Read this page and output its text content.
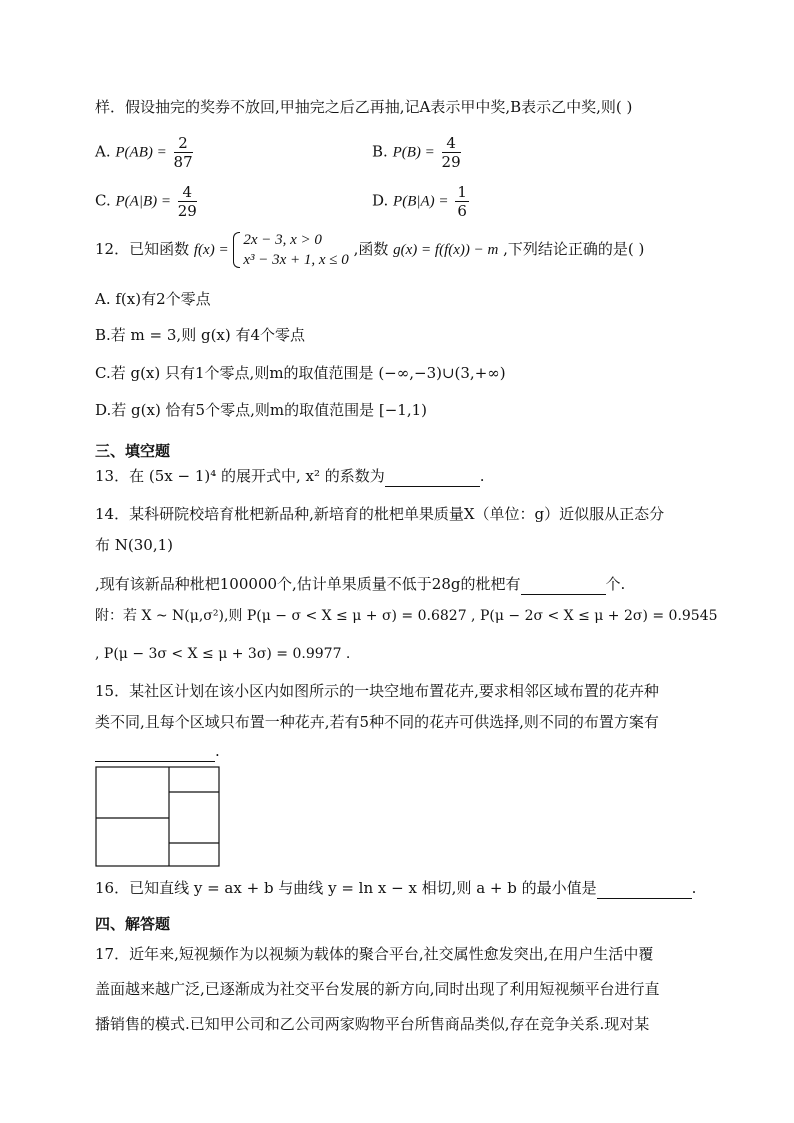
样．假设抽完的奖券不放回,甲抽完之后乙再抽,记A表示甲中奖,B表示乙中奖,则( )
A. $P(AB) = \frac{2}{87}$	B. $P(B) = \frac{4}{29}$
C. $P(A|B) = \frac{4}{29}$	D. $P(B|A) = \frac{1}{6}$
12．已知函数 f(x) =
2x − 3, x > 0
x³ − 3x + 1, x ≤ 0
,函数 g(x) = f(f(x)) − m ,下列结论正确的是( )
A. f(x)有2个零点
B.若 m = 3,则 g(x) 有4个零点
C.若 g(x) 只有1个零点,则m的取值范围是 (−∞,−3)∪(3,+∞)
D.若 g(x) 恰有5个零点,则m的取值范围是 [−1,1)
三、填空题
13．在 (5x − 1)⁴ 的展开式中, x² 的系数为	.
14．某科研院校培育枇杷新品种,新培育的枇杷单果质量X（单位：g）近似服从正态分
布 N(30,1)
,现有该新品种枇杷100000个,估计单果质量不低于28g的枇杷有	个.
附：若 X ~ N(μ,σ²),则 P(μ − σ < X ≤ μ + σ) = 0.6827 , P(μ − 2σ < X ≤ μ + 2σ) = 0.9545
, P(μ − 3σ < X ≤ μ + 3σ) = 0.9977 .
15．某社区计划在该小区内如图所示的一块空地布置花卉,要求相邻区域布置的花卉种
类不同,且每个区域只布置一种花卉,若有5种不同的花卉可供选择,则不同的布置方案有
.
16．已知直线 y = ax + b 与曲线 y = ln x − x 相切,则 a + b 的最小值是	.
四、解答题
17．近年来,短视频作为以视频为载体的聚合平台,社交属性愈发突出,在用户生活中覆
盖面越来越广泛,已逐渐成为社交平台发展的新方向,同时出现了利用短视频平台进行直
播销售的模式.已知甲公司和乙公司两家购物平台所售商品类似,存在竞争关系.现对某
